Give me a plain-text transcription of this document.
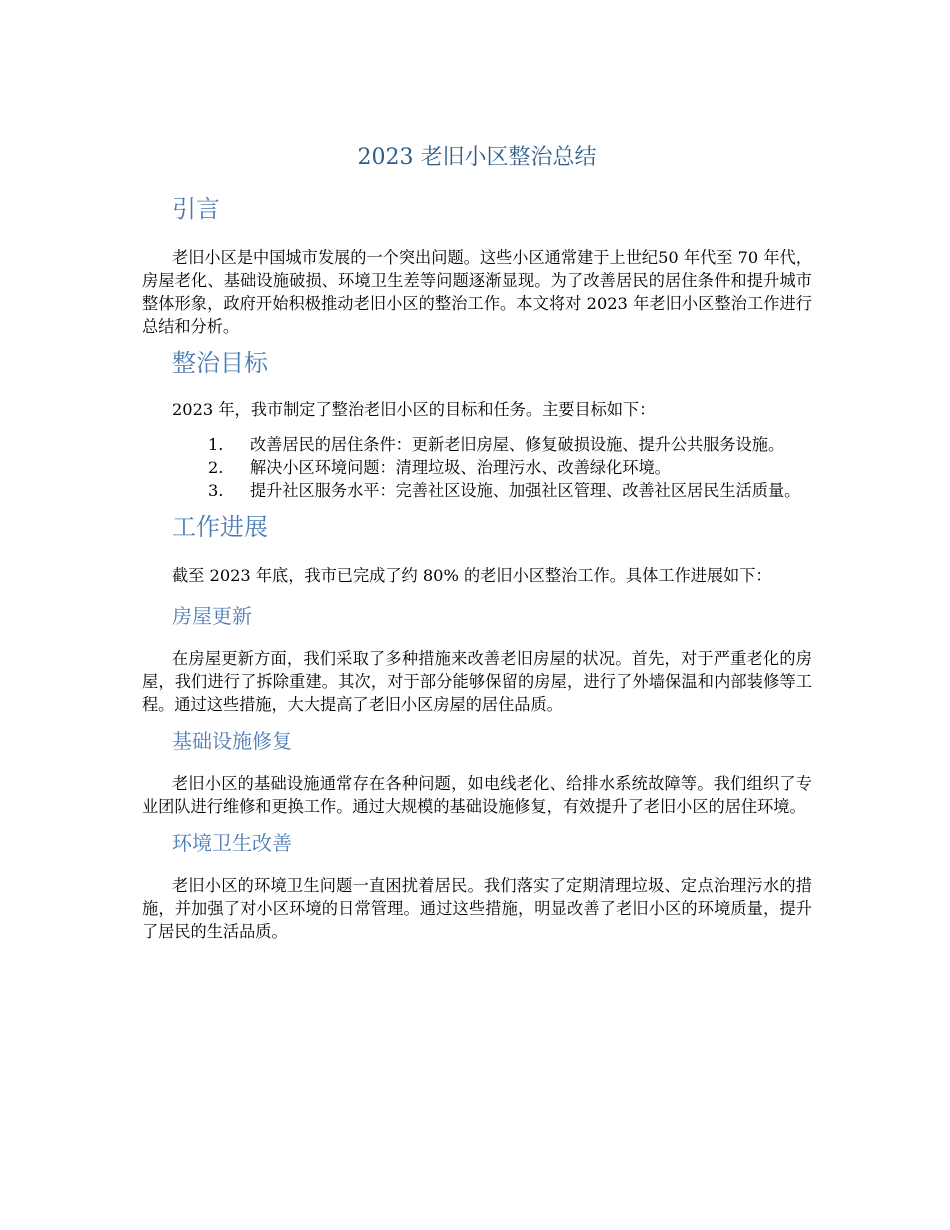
2023 老旧小区整治总结
引言

老旧小区是中国城市发展的一个突出问题。这些小区通常建于上世纪50 年代至 70 年代，房屋老化、基础设施破损、环境卫生差等问题逐渐显现。为了改善居民的居住条件和提升城市整体形象，政府开始积极推动老旧小区的整治工作。本文将对 2023 年老旧小区整治工作进行总结和分析。

整治目标

2023 年，我市制定了整治老旧小区的目标和任务。主要目标如下：

1. 改善居民的居住条件：更新老旧房屋、修复破损设施、提升公共服务设施。
2. 解决小区环境问题：清理垃圾、治理污水、改善绿化环境。
3. 提升社区服务水平：完善社区设施、加强社区管理、改善社区居民生活质量。
工作进展

截至 2023 年底，我市已完成了约 80% 的老旧小区整治工作。具体工作进展如下：

房屋更新

在房屋更新方面，我们采取了多种措施来改善老旧房屋的状况。首先，对于严重老化的房屋，我们进行了拆除重建。其次，对于部分能够保留的房屋，进行了外墙保温和内部装修等工程。通过这些措施，大大提高了老旧小区房屋的居住品质。

基础设施修复

老旧小区的基础设施通常存在各种问题，如电线老化、给排水系统故障等。我们组织了专业团队进行维修和更换工作。通过大规模的基础设施修复，有效提升了老旧小区的居住环境。

环境卫生改善

老旧小区的环境卫生问题一直困扰着居民。我们落实了定期清理垃圾、定点治理污水的措施，并加强了对小区环境的日常管理。通过这些措施，明显改善了老旧小区的环境质量，提升了居民的生活品质。
